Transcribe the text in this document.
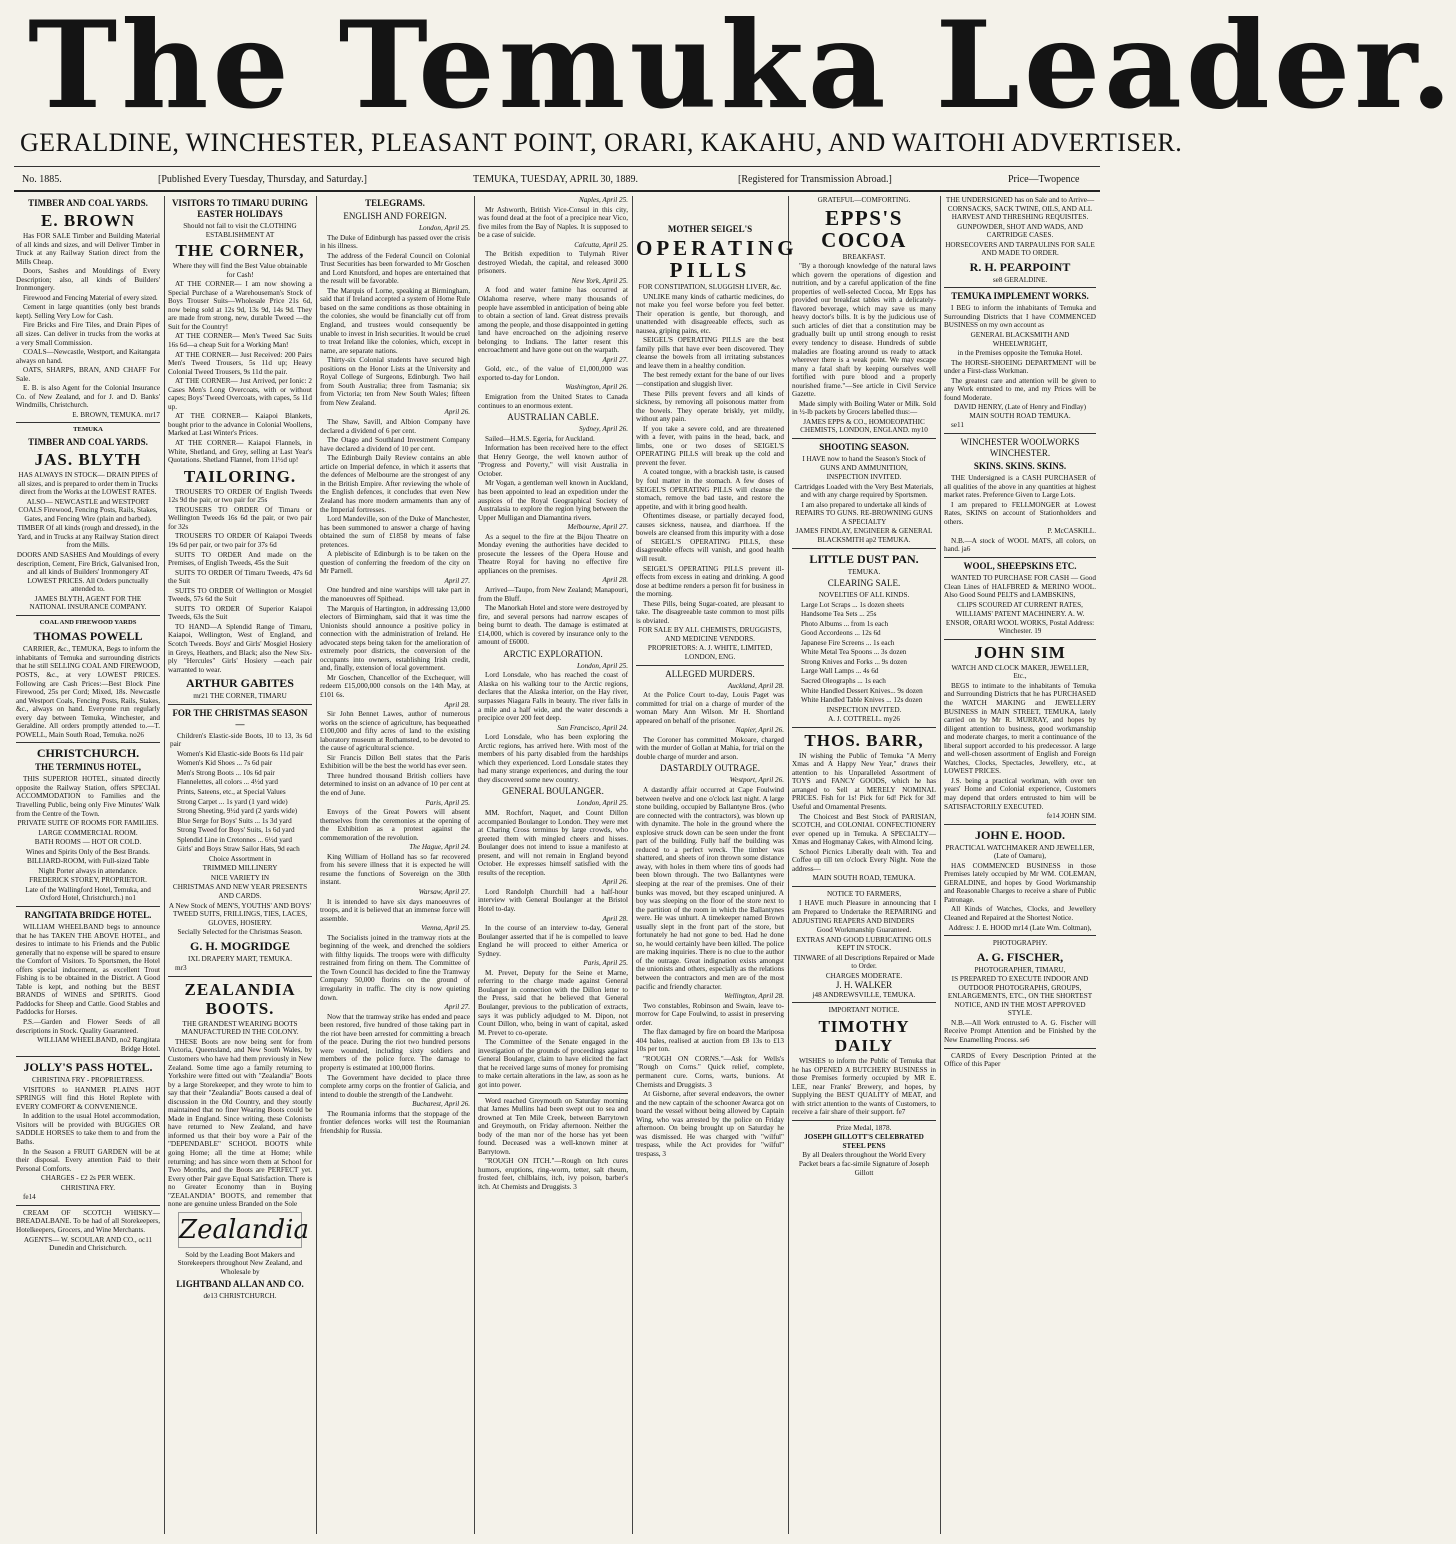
The Temuka Leader.
GERALDINE, WINCHESTER, PLEASANT POINT, ORARI, KAKAHU, AND WAITOHI ADVERTISER.
No. 1885.	[Published Every Tuesday, Thursday, and Saturday.]	TEMUKA, TUESDAY, APRIL 30, 1889.	[Registered for Transmission Abroad.]	Price—Twopence
TIMBER AND COAL YARDS.
E. BROWN

Has FOR SALE Timber and Building Material of all kinds and sizes, and will Deliver Timber in Truck at any Railway Station direct from the Mills Cheap.

Doors, Sashes and Mouldings of Every Description; also, all kinds of Builders' Ironmongery.

Firewood and Fencing Material of every sized.

Cement in large quantities (only best brands kept). Selling Very Low for Cash.

Fire Bricks and Fire Tiles, and Drain Pipes of all sizes. Can deliver in trucks from the works at a very Small Commission.

COALS—Newcastle, Westport, and Kaitangata always on hand.

OATS, SHARPS, BRAN, AND CHAFF For Sale.

E. B. is also Agent for the Colonial Insurance Co. of New Zealand, and for J. and D. Banks' Windmills, Christchurch.

E. BROWN, TEMUKA. mr17

TEMUKA
TIMBER AND COAL YARDS.
JAS. BLYTH

HAS ALWAYS IN STOCK— DRAIN PIPES of all sizes, and is prepared to order them in Trucks direct from the Works at the LOWEST RATES.

ALSO— NEWCASTLE and WESTPORT COALS Firewood, Fencing Posts, Rails, Stakes, Gates, and Fencing Wire (plain and barbed).

TIMBER Of all kinds (rough and dressed), in the Yard, and in Trucks at any Railway Station direct from the Mills.

DOORS AND SASHES And Mouldings of every description, Cement, Fire Brick, Galvanised Iron, and all kinds of Builders' Ironmongery AT LOWEST PRICES. All Orders punctually attended to.

JAMES BLYTH, AGENT FOR THE NATIONAL INSURANCE COMPANY.

COAL AND FIREWOOD YARDS
THOMAS POWELL

CARRIER, &c., TEMUKA, Begs to inform the inhabitants of Temuka and surrounding districts that he still SELLING COAL AND FIREWOOD, POSTS, &c., at very LOWEST PRICES. Following are Cash Prices:—Best Block Pine Firewood, 25s per Cord; Mixed, 18s. Newcastle and Westport Coals, Fencing Posts, Rails, Stakes, &c., always on hand. Everyone run regularly every day between Temuka, Winchester, and Geraldine. All orders promptly attended to.—T. POWELL, Main South Road, Temuka. no26

CHRISTCHURCH.
THE TERMINUS HOTEL,

THIS SUPERIOR HOTEL, situated directly opposite the Railway Station, offers SPECIAL ACCOMMODATION to Families and the Travelling Public, being only Five Minutes' Walk from the Centre of the Town.

PRIVATE SUITE OF ROOMS FOR FAMILIES.

LARGE COMMERCIAL ROOM.

BATH ROOMS — HOT OR COLD.

Wines and Spirits Only of the Best Brands.

BILLIARD-ROOM, with Full-sized Table

Night Porter always in attendance.

FREDERICK STOREY, PROPRIETOR.

Late of the Wallingford Hotel, Temuka, and Oxford Hotel, Christchurch.) no1

RANGITATA BRIDGE HOTEL.

WILLIAM WHEELBAND begs to announce that he has TAKEN THE ABOVE HOTEL, and desires to intimate to his Friends and the Public generally that no expense will be spared to ensure the Comfort of Visitors. To Sportsmen, the Hotel offers special inducement, as excellent Trout Fishing is to be obtained in the District. A Good Table is kept, and nothing but the BEST BRANDS of WINES and SPIRITS. Good Paddocks for Sheep and Cattle. Good Stables and Paddocks for Horses.

P.S.—Garden and Flower Seeds of all descriptions in Stock. Quality Guaranteed.

WILLIAM WHEELBAND, no2 Rangitata Bridge Hotel.

JOLLY'S PASS HOTEL.

CHRISTINA FRY - PROPRIETRESS.

VISITORS to HANMER PLAINS HOT SPRINGS will find this Hotel Replete with EVERY COMFORT & CONVENIENCE.

In addition to the usual Hotel accommodation, Visitors will be provided with BUGGIES OR SADDLE HORSES to take them to and from the Baths.

In the Season a FRUIT GARDEN will be at their disposal. Every attention Paid to their Personal Comforts.

CHARGES - £2 2s PER WEEK.

CHRISTINA FRY.

fe14

CREAM OF SCOTCH WHISKY— BREADALBANE. To be had of all Storekeepers, Hotelkeepers, Grocers, and Wine Merchants.

AGENTS— W. SCOULAR AND CO., oc11 Dunedin and Christchurch.

VISITORS TO TIMARU DURING EASTER HOLIDAYS

Should not fail to visit the CLOTHING ESTABLISHMENT AT

THE CORNER,

Where they will find the Best Value obtainable for Cash!

AT THE CORNER— I am now showing a Special Purchase of a Warehouseman's Stock of Boys Trouser Suits—Wholesale Price 21s 6d, now being sold at 12s 9d, 13s 9d, 14s 9d. They are made from strong, new, durable Tweed —the Suit for the Country!

AT THE CORNER— Men's Tweed Sac Suits 16s 6d—a cheap Suit for a Working Man!

AT THE CORNER— Just Received: 200 Pairs Men's Tweed Trousers, 5s 11d up; Heavy Colonial Tweed Trousers, 9s 11d the pair.

AT THE CORNER— Just Arrived, per Ionic: 2 Cases Men's Long Overcoats, with or without capes; Boys' Tweed Overcoats, with capes, 5s 11d up.

AT THE CORNER— Kaiapoi Blankets, bought prior to the advance in Colonial Woollens, Marked at Last Winter's Prices.

AT THE CORNER— Kaiapoi Flannels, in White, Shetland, and Grey, selling at Last Year's Quotations. Shetland Flannel, from 11½d up!

TAILORING.

TROUSERS TO ORDER Of English Tweeds 12s 9d the pair, or two pair for 25s

TROUSERS TO ORDER Of Timaru or Wellington Tweeds 16s 6d the pair, or two pair for 32s

TROUSERS TO ORDER Of Kaiapoi Tweeds 19s 6d per pair, or two pair for 37s 6d

SUITS TO ORDER And made on the Premises, of English Tweeds, 45s the Suit

SUITS TO ORDER Of Timaru Tweeds, 47s 6d the Suit

SUITS TO ORDER Of Wellington or Mosgiel Tweeds, 57s 6d the Suit

SUITS TO ORDER Of Superior Kaiapoi Tweeds, 63s the Suit

TO HAND—A Splendid Range of Timaru, Kaiapoi, Wellington, West of England, and Scotch Tweeds. Boys' and Girls' Mosgiel Hosiery in Greys, Heathers, and Black; also the New Six-ply "Hercules" Girls' Hosiery —each pair warranted to wear.

ARTHUR GABITES

mr21 THE CORNER, TIMARU

FOR THE CHRISTMAS SEASON—

Children's Elastic-side Boots, 10 to 13, 3s 6d pair

Women's Kid Elastic-side Boots 6s 11d pair

Women's Kid Shoes ... 7s 6d pair

Men's Strong Boots ... 10s 6d pair

Flannelettes, all colors ... 4½d yard

Prints, Sateens, etc., at Special Values

Strong Carpet ... 1s yard (1 yard wide)

Strong Sheeting, 9½d yard (2 yards wide)

Blue Serge for Boys' Suits ... 1s 3d yard

Strong Tweed for Boys' Suits, 1s 6d yard

Splendid Line in Cretonnes ... 6½d yard

Girls' and Boys Straw Sailor Hats, 9d each

Choice Assortment in

TRIMMED MILLINERY

NICE VARIETY IN

CHRISTMAS AND NEW YEAR PRESENTS AND CARDS.

A New Stock of MEN'S, YOUTHS' AND BOYS' TWEED SUITS, FRILLINGS, TIES, LACES, GLOVES, HOSIERY.

Secially Selected for the Christmas Season.

G. H. MOGRIDGE

IXL DRAPERY MART, TEMUKA.

mr3

ZEALANDIA BOOTS.

THE GRANDEST WEARING BOOTS MANUFACTURED IN THE COLONY.

THESE Boots are now being sent for from Victoria, Queensland, and New South Wales, by Customers who have had them previously in New Zealand. Some time ago a family returning to Yorkshire were fitted out with "Zealandia" Boots by a large Storekeeper, and they wrote to him to say that their "Zealandia" Boots caused a deal of discussion in the Old Country, and they stoutly maintained that no finer Wearing Boots could be Made in England. Since writing, these Colonists have returned to New Zealand, and have informed us that their boy wore a Pair of the "DEPENDABLE" SCHOOL BOOTS while going Home; all the time at Home; while returning; and has since worn them at School for Two Months, and the Boots are PERFECT yet. Every other Pair gave Equal Satisfaction. There is no Greater Economy than in Buying "ZEALANDIA" BOOTS, and remember that none are genuine unless Branded on the Sole

Zealandia

Sold by the Leading Boot Makers and Storekeepers throughout New Zealand, and Wholesale by

LIGHTBAND ALLAN AND CO.

de13 CHRISTCHURCH.

TELEGRAMS.
ENGLISH AND FOREIGN.

London, April 25.

The Duke of Edinburgh has passed over the crisis in his illness.

The address of the Federal Council on Colonial Trust Securities has been forwarded to Mr Goschen and Lord Knutsford, and hopes are entertained that the result will be favorable.

The Marquis of Lorne, speaking at Birmingham, said that if Ireland accepted a system of Home Rule based on the same conditions as those obtaining in the colonies, she would be financially cut off from England, and trustees would consequently be unable to invest in Irish securities. It would be cruel to treat Ireland like the colonies, which, except in name, are separate nations.

Thirty-six Colonial students have secured high positions on the Honor Lists at the University and Royal College of Surgeons, Edinburgh. Two hail from South Australia; three from Tasmania; six from Victoria; ten from New South Wales; fifteen from New Zealand.

April 26.

The Shaw, Savill, and Albion Company have declared a dividend of 6 per cent.

The Otago and Southland Investment Company have declared a dividend of 10 per cent.

The Edinburgh Daily Review contains an able article on Imperial defence, in which it asserts that the defences of Melbourne are the strongest of any in the British Empire. After reviewing the whole of the English defences, it concludes that even New Zealand has more modern armaments than any of the Imperial fortresses.

Lord Mandeville, son of the Duke of Manchester, has been summoned to answer a charge of having obtained the sum of £1858 by means of false pretences.

A plebiscite of Edinburgh is to be taken on the question of conferring the freedom of the city on Mr Parnell.

April 27.

One hundred and nine warships will take part in the manoeuvres off Spithead.

The Marquis of Hartington, in addressing 13,000 electors of Birmingham, said that it was time the Unionists should announce a positive policy in connection with the administration of Ireland. He advocated steps being taken for the amelioration of extremely poor districts, the conversion of the occupants into owners, establishing Irish credit, and, finally, extension of local government.

Mr Goschen, Chancellor of the Exchequer, will redeem £15,000,000 consols on the 14th May, at £101 6s.

April 28.

Sir John Bennet Lawes, author of numerous works on the science of agriculture, has bequeathed £100,000 and fifty acres of land to the existing laboratory museum at Rothamsted, to be devoted to the cause of agricultural science.

Sir Francis Dillon Bell states that the Paris Exhibition will be the best the world has ever seen.

Three hundred thousand British colliers have determined to insist on an advance of 10 per cent at the end of June.

Paris, April 25.

Envoys of the Great Powers will absent themselves from the ceremonies at the opening of the Exhibition as a protest against the commemoration of the revolution.

The Hague, April 24.

King William of Holland has so far recovered from his severe illness that it is expected he will resume the functions of Sovereign on the 30th instant.

Warsaw, April 27.

It is intended to have six days manoeuvres of troops, and it is believed that an immense force will assemble.

Vienna, April 25.

The Socialists joined in the tramway riots at the beginning of the week, and drenched the soldiers with filthy liquids. The troops were with difficulty restrained from firing on them. The Committee of the Town Council has decided to fine the Tramway Company 50,000 florins on the ground of irregularity in traffic. The city is now quieting down.

April 27.

Now that the tramway strike has ended and peace been restored, five hundred of those taking part in the riot have been arrested for committing a breach of the peace. During the riot two hundred persons were wounded, including sixty soldiers and members of the police force. The damage to property is estimated at 100,000 florins.

The Government have decided to place three complete army corps on the frontier of Galicia, and intend to double the strength of the Landwehr.

Bucharest, April 26.

The Roumania informs that the stoppage of the frontier defences works will test the Roumanian friendship for Russia.

Naples, April 25.

Mr Ashworth, British Vice-Consul in this city, was found dead at the foot of a precipice near Vico, five miles from the Bay of Naples. It is supposed to be a case of suicide.

Calcutta, April 25.

The British expedition to Tulyrnah River destroyed Wiedah, the capital, and released 3000 prisoners.

New York, April 25.

A food and water famine has occurred at Oklahoma reserve, where many thousands of people have assembled in anticipation of being able to obtain a section of land. Great distress prevails among the people, and those disappointed in getting land have encroached on the adjoining reserve belonging to Indians. The latter resent this encroachment and have gone out on the warpath.

April 27.

Gold, etc., of the value of £1,000,000 was exported to-day for London.

Washington, April 26.

Emigration from the United States to Canada continues to an enormous extent.

AUSTRALIAN CABLE.

Sydney, April 26.

Sailed—H.M.S. Egeria, for Auckland.

Information has been received here to the effect that Henry George, the well known author of "Progress and Poverty," will visit Australia in October.

Mr Vogan, a gentleman well known in Auckland, has been appointed to lead an expedition under the auspices of the Royal Geographical Society of Australasia to explore the region lying between the Upper Mulligan and Diamantina rivers.

Melbourne, April 27.

As a sequel to the fire at the Bijou Theatre on Monday evening the authorities have decided to prosecute the lessees of the Opera House and Theatre Royal for having no effective fire appliances on the premises.

April 28.

Arrived—Taupo, from New Zealand; Manapouri, from the Bluff.

The Manorkah Hotel and store were destroyed by fire, and several persons had narrow escapes of being burnt to death. The damage is estimated at £14,000, which is covered by insurance only to the amount of £6000.

ARCTIC EXPLORATION.

London, April 25.

Lord Lonsdale, who has reached the coast of Alaska on his walking tour to the Arctic regions, declares that the Alaska interior, on the Hay river, surpasses Niagara Falls in beauty. The river falls in a mile and a half wide, and the water descends a precipice over 200 feet deep.

San Francisco, April 24.

Lord Lonsdale, who has been exploring the Arctic regions, has arrived here. With most of the members of his party disabled from the hardships which they experienced. Lord Lonsdale states they had many strange experiences, and during the tour they discovered some new country.

GENERAL BOULANGER.

London, April 25.

MM. Rochfort, Naquet, and Count Dillon accompanied Boulanger to London. They were met at Charing Cross terminus by large crowds, who greeted them with mingled cheers and hisses. Boulanger does not intend to issue a manifesto at present, and will not remain in England beyond October. He expresses himself satisfied with the results of the reception.

April 26.

Lord Randolph Churchill had a half-hour interview with General Boulanger at the Bristol Hotel to-day.

April 28.

In the course of an interview to-day, General Boulanger asserted that if he is compelled to leave England he will proceed to either America or Sydney.

Paris, April 25.

M. Prevet, Deputy for the Seine et Marne, referring to the charge made against General Boulanger in connection with the Dillon letter to the Press, said that he believed that General Boulanger, previous to the publication of extracts, says it was publicly adjudged to M. Dipon, not Count Dillon, who, being in want of capital, asked M. Prevet to co-operate.

The Committee of the Senate engaged in the investigation of the grounds of proceedings against General Boulanger, claim to have elicited the fact that he received large sums of money for promising to make certain alterations in the law, as soon as he got into power.

Word reached Greymouth on Saturday morning that James Mullins had been swept out to sea and drowned at Ten Mile Creek, between Barrytown and Greymouth, on Friday afternoon. Neither the body of the man nor of the horse has yet been found. Deceased was a well-known miner at Barrytown.

"ROUGH ON ITCH."—Rough on Itch cures humors, eruptions, ring-worm, tetter, salt rheum, frosted feet, chilblains, itch, ivy poison, barber's itch. At Chemists and Druggists. 3

MOTHER SEIGEL'S
OPERATING PILLS

FOR CONSTIPATION, SLUGGISH LIVER, &c.

UNLIKE many kinds of cathartic medicines, do not make you feel worse before you feel better. Their operation is gentle, but thorough, and unattended with disagreeable effects, such as nausea, griping pains, etc.

SEIGEL'S OPERATING PILLS are the best family pills that have ever been discovered. They cleanse the bowels from all irritating substances and leave them in a healthy condition.

The best remedy extant for the bane of our lives—constipation and sluggish liver.

These Pills prevent fevers and all kinds of sickness, by removing all poisonous matter from the bowels. They operate briskly, yet mildly, without any pain.

If you take a severe cold, and are threatened with a fever, with pains in the head, back, and limbs, one or two doses of SEIGEL'S OPERATING PILLS will break up the cold and prevent the fever.

A coated tongue, with a brackish taste, is caused by foul matter in the stomach. A few doses of SEIGEL'S OPERATING PILLS will cleanse the stomach, remove the bad taste, and restore the appetite, and with it bring good health.

Oftentimes disease, or partially decayed food, causes sickness, nausea, and diarrhoea. If the bowels are cleansed from this impurity with a dose of SEIGEL'S OPERATING PILLS, these disagreeable effects will vanish, and good health will result.

SEIGEL'S OPERATING PILLS prevent ill-effects from excess in eating and drinking. A good dose at bedtime renders a person fit for business in the morning.

These Pills, being Sugar-coated, are pleasant to take. The disagreeable taste common to most pills is obviated.

FOR SALE BY ALL CHEMISTS, DRUGGISTS, AND MEDICINE VENDORS.

PROPRIETORS: A. J. WHITE, LIMITED, LONDON, ENG.

ALLEGED MURDERS.

Auckland, April 28.

At the Police Court to-day, Louis Paget was committed for trial on a charge of murder of the woman Mary Ann Wilson. Mr H. Shortland appeared on behalf of the prisoner.

Napier, April 26.

The Coroner has committed Mokoare, charged with the murder of Gollan at Mahia, for trial on the double charge of murder and arson.

DASTARDLY OUTRAGE.

Westport, April 26.

A dastardly affair occurred at Cape Foulwind between twelve and one o'clock last night. A large stone building, occupied by Ballantyne Bros. (who are connected with the contractors), was blown up with dynamite. The hole in the ground where the explosive struck down can be seen under the front part of the building. Fully half the building was reduced to a perfect wreck. The timber was shattered, and sheets of iron thrown some distance away, with holes in them where tins of goods had been blown through. The two Ballantynes were sleeping at the rear of the premises. One of their bunks was moved, but they escaped uninjured. A boy was sleeping on the floor of the store next to the partition of the room in which the Ballantynes were. He was unhurt. A timekeeper named Brown usually slept in the front part of the store, but fortunately he had not gone to bed. Had he done so, he would certainly have been killed. The police are making inquiries. There is no clue to the author of the outrage. Great indignation exists amongst the unionists and others, especially as the relations between the contractors and men are of the most pacific and friendly character.

Wellington, April 28.

Two constables, Robinson and Swain, leave to-morrow for Cape Foulwind, to assist in preserving order.

The flax damaged by fire on board the Mariposa 404 bales, realised at auction from £8 13s to £13 10s per ton.

"ROUGH ON CORNS."—Ask for Wells's "Rough on Corns." Quick relief, complete, permanent cure. Corns, warts, bunions. At Chemists and Druggists. 3

At Gisborne, after several endeavors, the owner and the new captain of the schooner Awarca got on board the vessel without being allowed by Captain Wing, who was arrested by the police on Friday afternoon. On being brought up on Saturday he was dismissed. He was charged with "wilful" trespass, while the Act provides for "wilful" trespass, 3

GRATEFUL—COMFORTING.

EPPS'S COCOA

BREAKFAST.

"By a thorough knowledge of the natural laws which govern the operations of digestion and nutrition, and by a careful application of the fine properties of well-selected Cocoa, Mr Epps has provided our breakfast tables with a delicately-flavored beverage, which may save us many heavy doctor's bills. It is by the judicious use of such articles of diet that a constitution may be gradually built up until strong enough to resist every tendency to disease. Hundreds of subtle maladies are floating around us ready to attack wherever there is a weak point. We may escape many a fatal shaft by keeping ourselves well fortified with pure blood and a properly nourished frame."—See article in Civil Service Gazette.

Made simply with Boiling Water or Milk. Sold in ½-lb packets by Grocers labelled thus:—

JAMES EPPS & CO., HOMOEOPATHIC CHEMISTS, LONDON, ENGLAND. my10

SHOOTING SEASON.

I HAVE now to hand the Season's Stock of GUNS AND AMMUNITION,

INSPECTION INVITED.

Cartridges Loaded with the Very Best Materials, and with any charge required by Sportsmen.

I am also prepared to undertake all kinds of REPAIRS TO GUNS. RE-BROWNING GUNS A SPECIALTY

JAMES FINDLAY, ENGINEER & GENERAL BLACKSMITH ap2 TEMUKA.

LITTLE DUST PAN.

TEMUKA.

CLEARING SALE.

NOVELTIES OF ALL KINDS.

Large Lot Scraps ... 1s dozen sheets

Handsome Tea Sets ... 25s

Photo Albums ... from 1s each

Good Accordeons ... 12s 6d

Japanese Fire Screens ... 1s each

White Metal Tea Spoons ... 3s dozen

Strong Knives and Forks ... 9s dozen

Large Wall Lamps ... 4s 6d

Sacred Oleographs ... 1s each

White Handled Dessert Knives... 9s dozen

White Handled Table Knives ... 12s dozen

INSPECTION INVITED.

A. J. COTTRELL. my26

THOS. BARR,

IN wishing the Public of Temuka "A Merry Xmas and A Happy New Year," draws their attention to his Unparalleled Assortment of TOYS and FANCY GOODS, which he has arranged to Sell at MERELY NOMINAL PRICES. Fish for 1s! Pick for 6d! Pick for 3d! Useful and Ornamental Presents.

The Choicest and Best Stock of PARISIAN, SCOTCH, and COLONIAL CONFECTIONERY ever opened up in Temuka. A SPECIALTY—Xmas and Hogmanay Cakes, with Almond Icing.

School Picnics Liberally dealt with. Tea and Coffee up till ten o'clock Every Night. Note the address—

MAIN SOUTH ROAD, TEMUKA.

NOTICE TO FARMERS,

I HAVE much Pleasure in announcing that I am Prepared to Undertake the REPAIRING and ADJUSTING REAPERS AND BINDERS

Good Workmanship Guaranteed.

EXTRAS AND GOOD LUBRICATING OILS KEPT IN STOCK.

TINWARE of all Descriptions Repaired or Made to Order.

CHARGES MODERATE.

J. H. WALKER

j48 ANDREWSVILLE, TEMUKA.

IMPORTANT NOTICE.

TIMOTHY DAILY

WISHES to inform the Public of Temuka that he has OPENED A BUTCHERY BUSINESS in those Premises formerly occupied by MR E. LEE, near Franks' Brewery, and hopes, by Supplying the BEST QUALITY of MEAT, and with strict attention to the wants of Customers, to receive a fair share of their support. fe7

Prize Medal, 1878.

JOSEPH GILLOTT'S CELEBRATED STEEL PENS

By all Dealers throughout the World Every Packet bears a fac-simile Signature of Joseph Gillott

THE UNDERSIGNED has on Sale and to Arrive— CORNSACKS, SACK TWINE, OILS, AND ALL HARVEST AND THRESHING REQUISITES.

GUNPOWDER, SHOT AND WADS, AND CARTRIDGE CASES.

HORSECOVERS AND TARPAULINS FOR SALE AND MADE TO ORDER.

R. H. PEARPOINT

se8 GERALDINE.

TEMUKA IMPLEMENT WORKS.

I BEG to inform the inhabitants of Temuka and Surrounding Districts that I have COMMENCED BUSINESS on my own account as

GENERAL BLACKSMITH AND WHEELWRIGHT,

in the Premises opposite the Temuka Hotel.

The HORSE-SHOEING DEPARTMENT will be under a First-class Workman.

The greatest care and attention will be given to any Work entrusted to me, and my Prices will be found Moderate.

DAVID HENRY, (Late of Henry and Findlay) MAIN SOUTH ROAD TEMUKA.

se11

WINCHESTER WOOLWORKS WINCHESTER.
SKINS. SKINS. SKINS.

THE Undersigned is a CASH PURCHASER of all qualities of the above in any quantities at highest market rates. Preference Given to Large Lots.

I am prepared to FELLMONGER at Lowest Rates, SKINS on account of Stationholders and others.

P. McCASKILL.

N.B.—A stock of WOOL MATS, all colors, on hand. ja6

WOOL, SHEEPSKINS ETC.

WANTED TO PURCHASE FOR CASH — Good Clean Lines of HALFBRED & MERINO WOOL. Also Good Sound PELTS and LAMBSKINS,

CLIPS SCOURED AT CURRENT RATES,

WILLIAMS' PATENT MACHINERY. A. W. ENSOR, ORARI WOOL WORKS, Postal Address: Winchester. 19

JOHN SIM

WATCH AND CLOCK MAKER, JEWELLER, Etc.,

BEGS to intimate to the inhabitants of Temuka and Surrounding Districts that he has PURCHASED the WATCH MAKING and JEWELLERY BUSINESS in MAIN STREET, TEMUKA, lately carried on by Mr R. MURRAY, and hopes by diligent attention to business, good workmanship and moderate charges, to merit a continuance of the liberal support accorded to his predecessor. A large and well-chosen assortment of English and Foreign Watches, Clocks, Spectacles, Jewellery, etc., at LOWEST PRICES.

J.S. being a practical workman, with over ten years' Home and Colonial experience, Customers may depend that orders entrusted to him will be SATISFACTORILY EXECUTED.

fe14 JOHN SIM.

JOHN E. HOOD.

PRACTICAL WATCHMAKER AND JEWELLER, (Late of Oamaru),

HAS COMMENCED BUSINESS in those Premises lately occupied by Mr WM. COLEMAN, GERALDINE, and hopes by Good Workmanship and Reasonable Charges to receive a share of Public Patronage.

All Kinds of Watches, Clocks, and Jewellery Cleaned and Repaired at the Shortest Notice.

Address: J. E. HOOD mr14 (Late Wm. Coltman),

PHOTOGRAPHY.

A. G. FISCHER,

PHOTOGRAPHER, TIMARU,

IS PREPARED TO EXECUTE INDOOR AND OUTDOOR PHOTOGRAPHS, GROUPS, ENLARGEMENTS, ETC., ON THE SHORTEST NOTICE, AND IN THE MOST APPROVED STYLE.

N.B.—All Work entrusted to A. G. Fischer will Receive Prompt Attention and be Finished by the New Enamelling Process. se6

CARDS of Every Description Printed at the Office of this Paper
